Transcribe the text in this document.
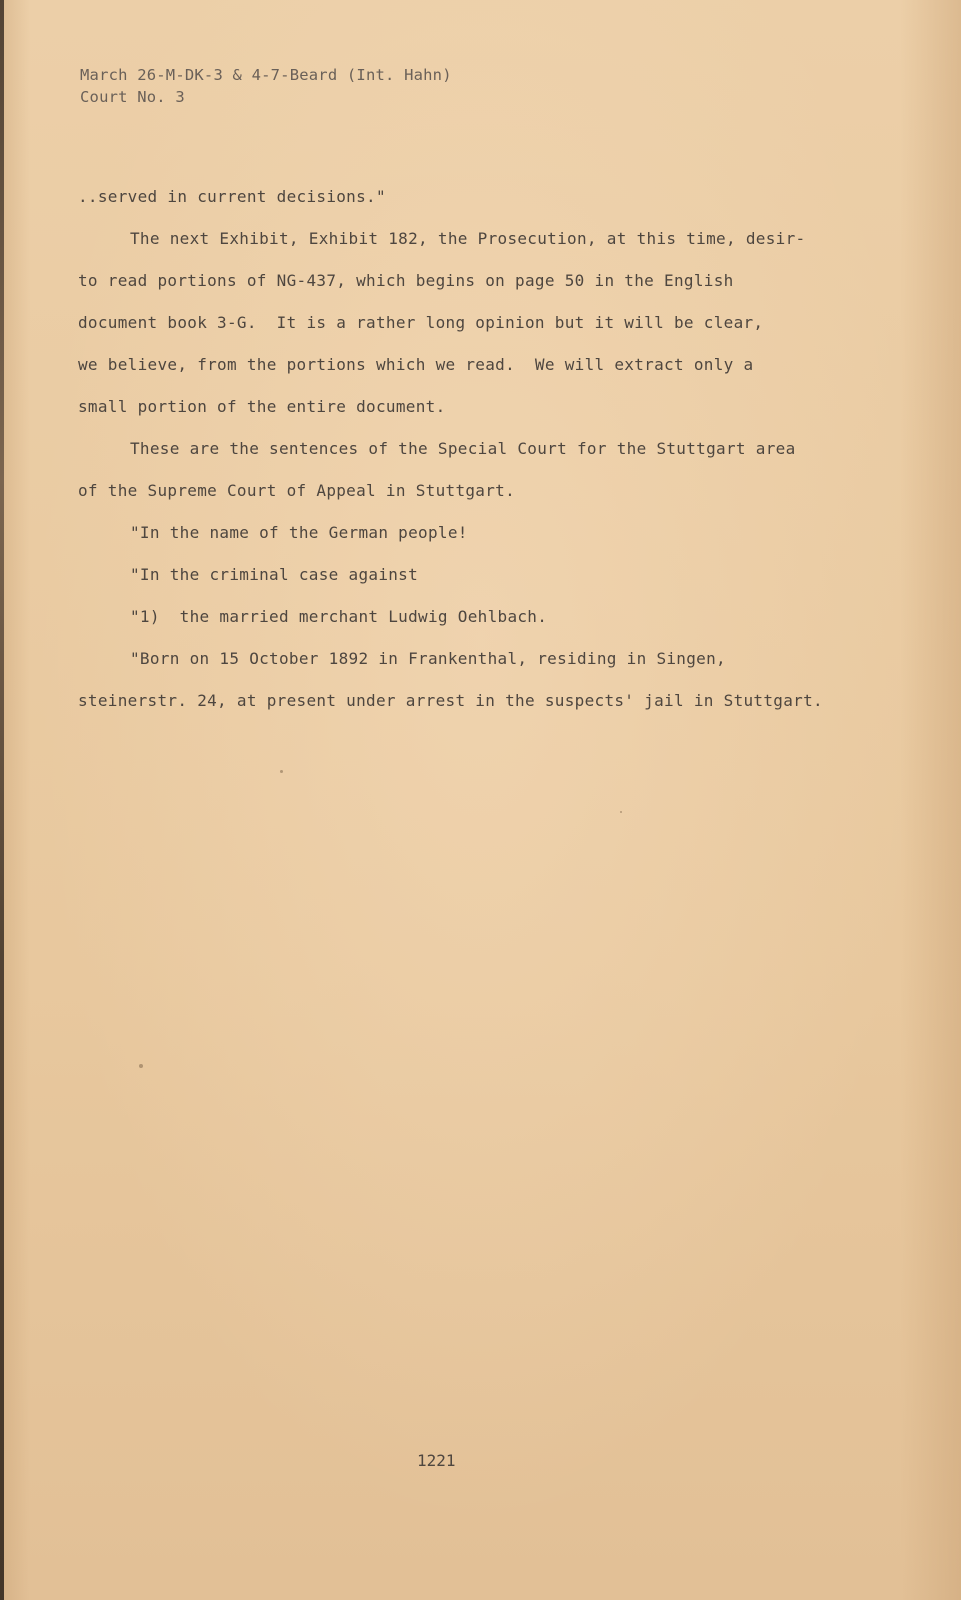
March 26-M-DK-3 & 4-7-Beard (Int. Hahn)
Court No. 3
..served in current decisions."
The next Exhibit, Exhibit 182, the Prosecution, at this time, desir-
to read portions of NG-437, which begins on page 50 in the English
document book 3-G.  It is a rather long opinion but it will be clear,
we believe, from the portions which we read.  We will extract only a
small portion of the entire document.
These are the sentences of the Special Court for the Stuttgart area
of the Supreme Court of Appeal in Stuttgart.
"In the name of the German people!
"In the criminal case against
"1)  the married merchant Ludwig Oehlbach.
"Born on 15 October 1892 in Frankenthal, residing in Singen,
steinerstr. 24, at present under arrest in the suspects' jail in Stuttgart.
1221
